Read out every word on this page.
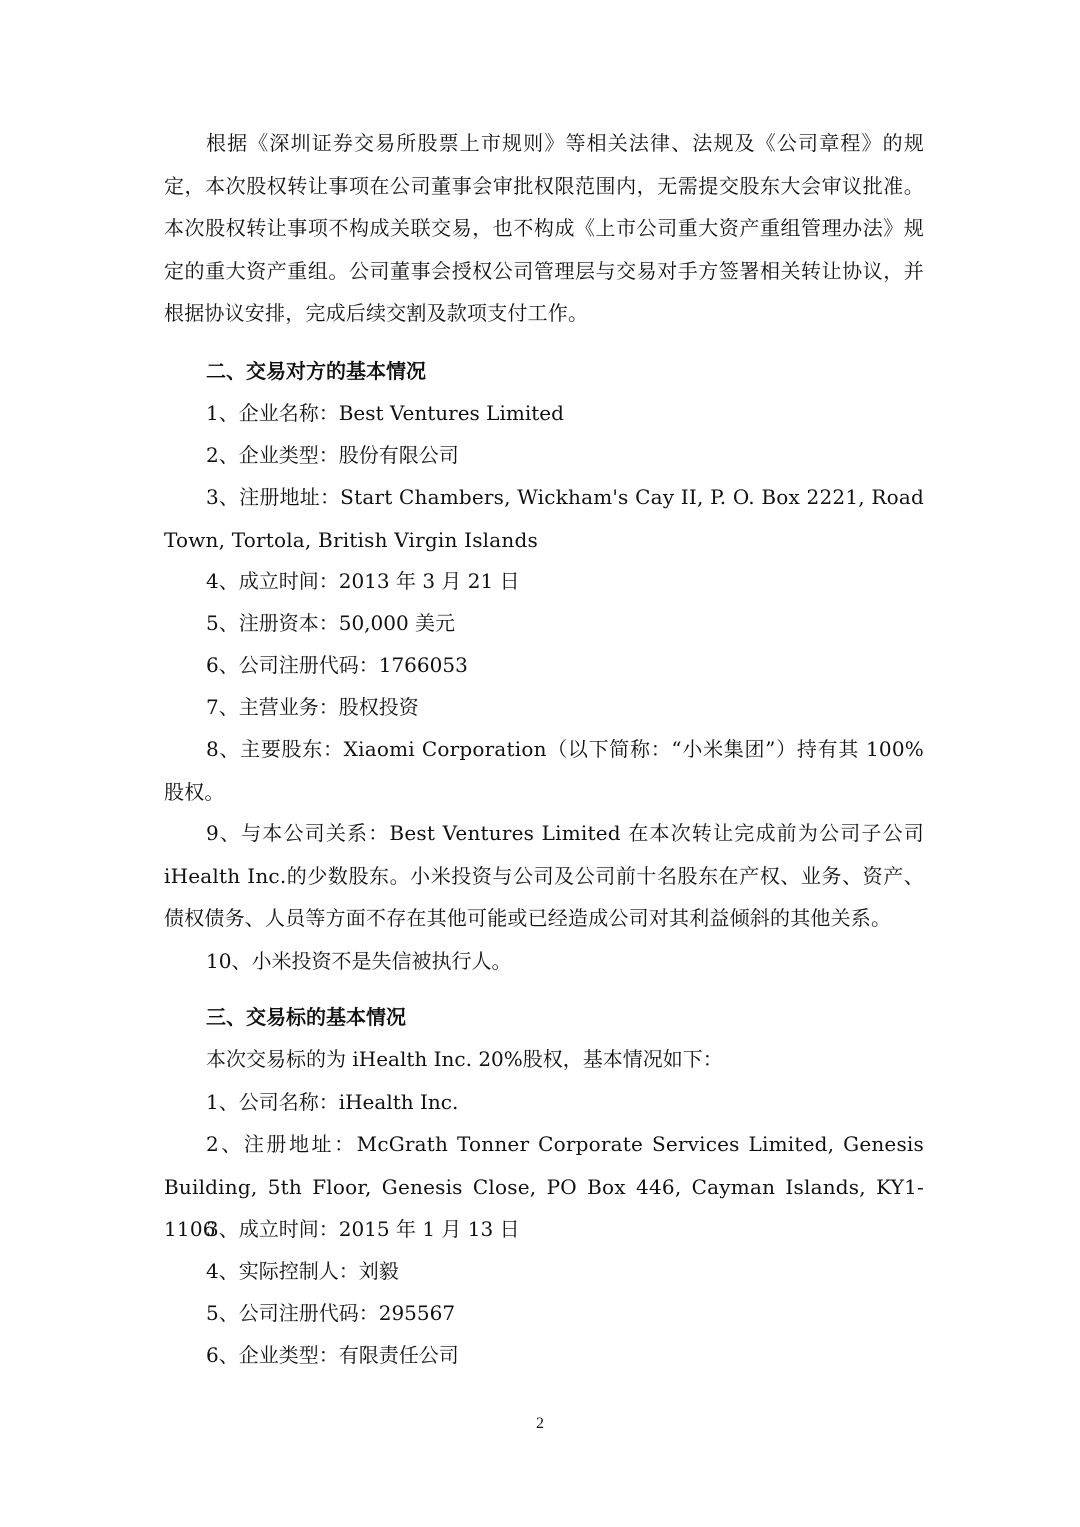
根据《深圳证券交易所股票上市规则》等相关法律、法规及《公司章程》的规定，本次股权转让事项在公司董事会审批权限范围内，无需提交股东大会审议批准。本次股权转让事项不构成关联交易，也不构成《上市公司重大资产重组管理办法》规定的重大资产重组。公司董事会授权公司管理层与交易对手方签署相关转让协议，并根据协议安排，完成后续交割及款项支付工作。

二、交易对方的基本情况

1、企业名称：Best Ventures Limited

2、企业类型：股份有限公司

3、注册地址：Start Chambers, Wickham's Cay II, P. O. Box 2221, Road Town, Tortola, British Virgin Islands

4、成立时间：2013 年 3 月 21 日

5、注册资本：50,000 美元

6、公司注册代码：1766053

7、主营业务：股权投资

8、主要股东：Xiaomi Corporation（以下简称：“小米集团”）持有其 100%股权。

9、与本公司关系：Best Ventures Limited 在本次转让完成前为公司子公司 iHealth Inc.的少数股东。小米投资与公司及公司前十名股东在产权、业务、资产、债权债务、人员等方面不存在其他可能或已经造成公司对其利益倾斜的其他关系。

10、小米投资不是失信被执行人。

三、交易标的基本情况

本次交易标的为 iHealth Inc. 20%股权，基本情况如下：

1、公司名称：iHealth Inc.

2、注册地址：McGrath Tonner Corporate Services Limited, Genesis Building, 5th Floor, Genesis Close, PO Box 446, Cayman Islands, KY1-1106

3、成立时间：2015 年 1 月 13 日

4、实际控制人：刘毅

5、公司注册代码：295567

6、企业类型：有限责任公司

2
